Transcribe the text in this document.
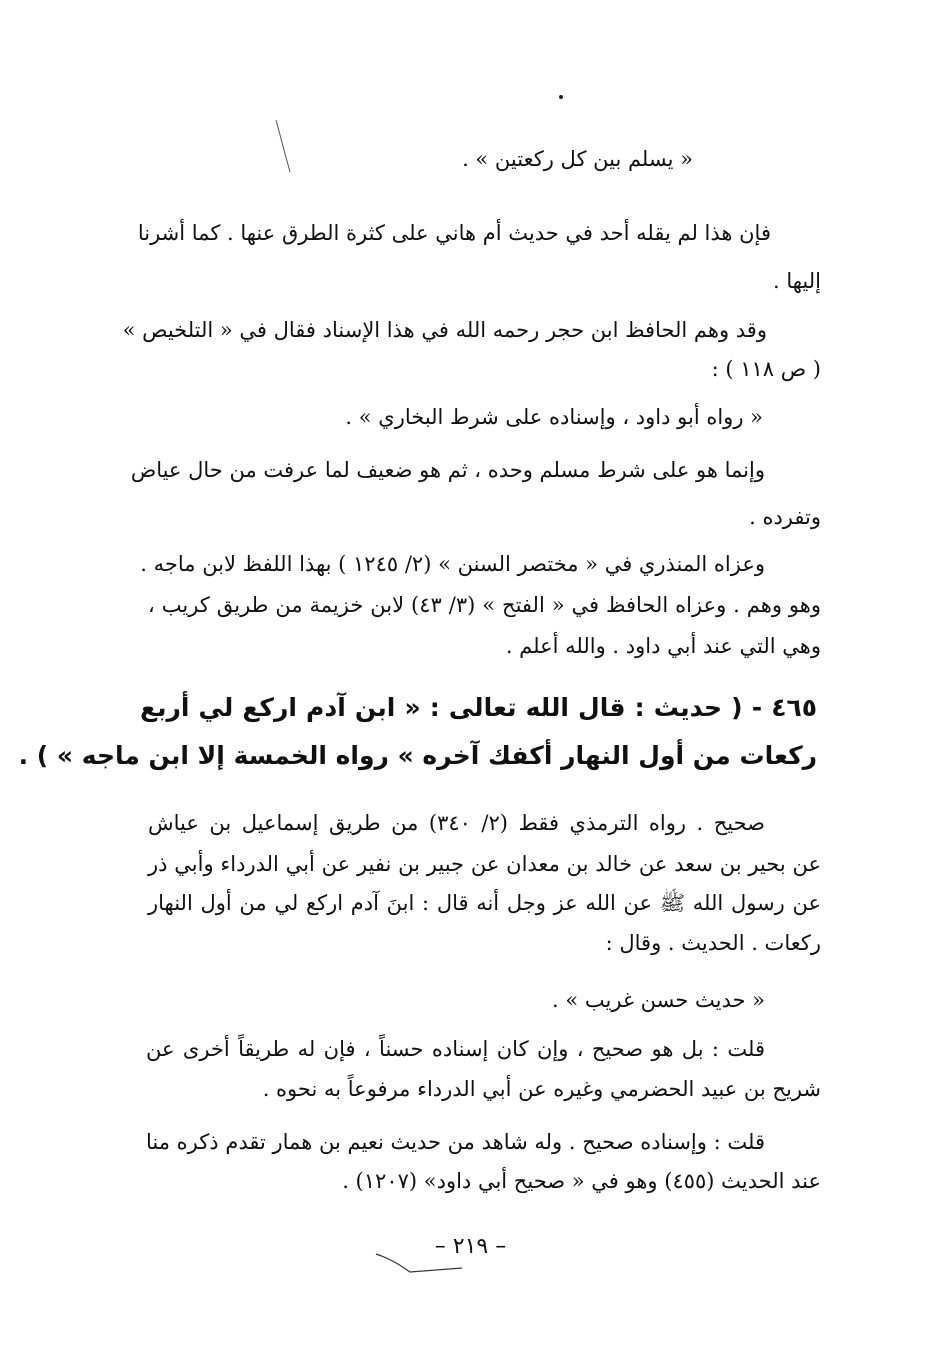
« يسلم بين كل ركعتين » .
فإن هذا لم يقله أحد في حديث أم هاني على كثرة الطرق عنها . كما أشرنا
إليها .
وقد وهم الحافظ ابن حجر رحمه الله في هذا الإسناد فقال في « التلخيص »
( ص ١١٨ ) :
« رواه أبو داود ، وإسناده على شرط البخاري » .
وإنما هو على شرط مسلم وحده ، ثم هو ضعيف لما عرفت من حال عياض
وتفرده .
وعزاه المنذري في « مختصر السنن » (٢/ ١٢٤٥ ) بهذا اللفظ لابن ماجه .
وهو وهم . وعزاه الحافظ في « الفتح » (٣/ ٤٣) لابن خزيمة من طريق كريب ،
وهي التي عند أبي داود . والله أعلم .
٤٦٥ - ( حديث : قال الله تعالى : « ابن آدم اركع لي أربع
ركعات من أول النهار أكفك آخره » رواه الخمسة إلا ابن ماجه » ) .
صحيح . رواه الترمذي فقط (٢/ ٣٤٠) من طريق إسماعيل بن عياش
عن بحير بن سعد عن خالد بن معدان عن جبير بن نفير عن أبي الدرداء وأبي ذر
عن رسول الله ﷺ عن الله عز وجل أنه قال : ابنَ آدم اركع لي من أول النهار
ركعات . الحديث . وقال :
« حديث حسن غريب » .
قلت : بل هو صحيح ، وإن كان إسناده حسناً ، فإن له طريقاً أخرى عن
شريح بن عبيد الحضرمي وغيره عن أبي الدرداء مرفوعاً به نحوه .
قلت : وإسناده صحيح . وله شاهد من حديث نعيم بن همار تقدم ذكره منا
عند الحديث (٤٥٥) وهو في « صحيح أبي داود» (١٢٠٧) .
– ٢١٩ –
